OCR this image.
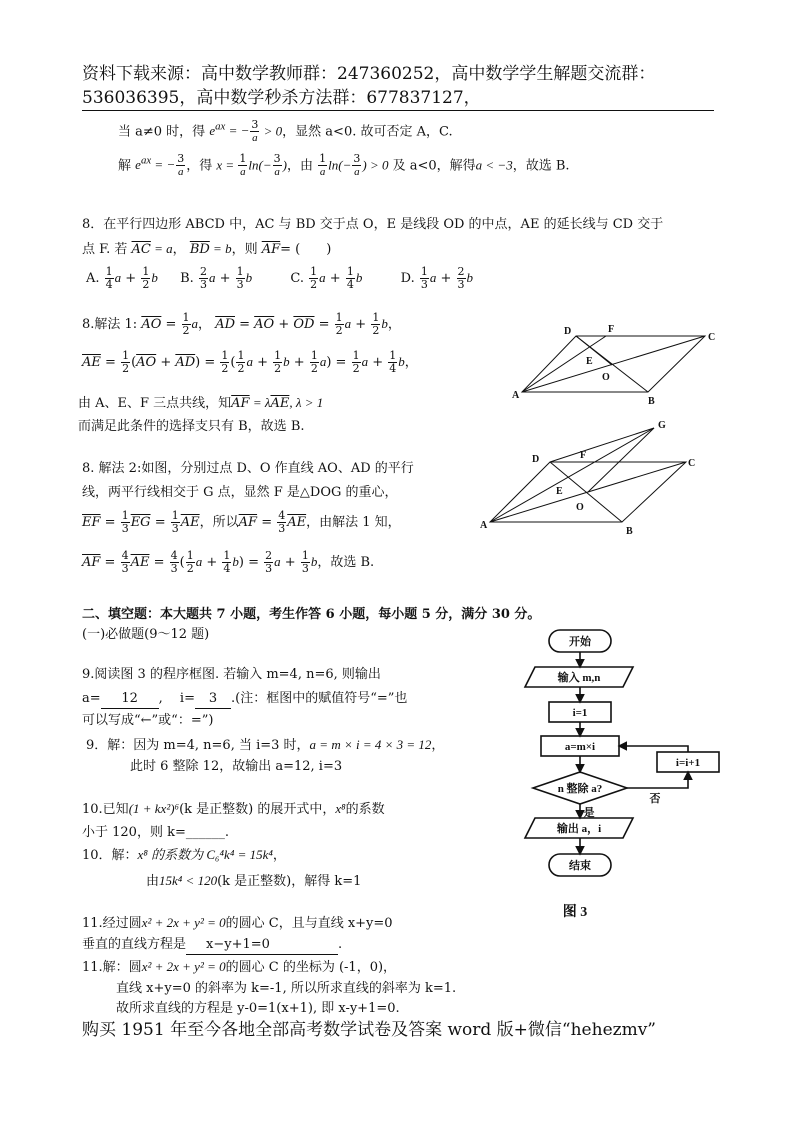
资料下载来源：高中数学教师群：247360252，高中数学学生解题交流群：
536036395，高中数学秒杀方法群：677837127，
当 a≠0 时，得 $e^{ax}$ = − $\frac{3}{a} > 0$，显然 a<0. 故可否定 A，C.
解 $e^{ax}$ = − $\frac{3}{a}$ ，得 $x = \frac{1}{a} \ln(- \frac{3}{a}$ )，由 $\frac{1}{a} \ln(- \frac{3}{a}$ ) > 0 及 a<0，解得a < −3，故选 B.
8．在平行四边形 ABCD 中，AC 与 BD 交于点 O，E 是线段 OD 的中点，AE 的延长线与 CD 交于
点 F. 若 $\overline{AC} = a$， $\overline{BD} = b$，则 $\overline{AF}=$ (　　)
A. $\frac{1}{4}$ $a + \frac{1}{2}$ b B. $\frac{2}{3}$ $a + \frac{1}{3}$ b	C. $\frac{1}{2}$ $a + \frac{1}{4}$ b	D. $\frac{1}{3}$ $a + \frac{2}{3}$ b
8.解法 1: $\overline{AO} = \frac{1}{2}$ a， $\overline{AD} = \overline{AO} + \overline{OD} = \frac{1}{2}$ $a + \frac{1}{2}$ b，
$\overline{AE} = \frac{1}{2} (\overline{AO} + \overline{AD}) = \frac{1}{2}$ ( $\frac{1}{2}$ $a + \frac{1}{2}$ $b + \frac{1}{2} a) = \frac{1}{2}$ $a + \frac{1}{4}$ b，
由 A、E、F 三点共线，知$\overline{AF} = \lambda\overline{AE}$, λ > 1
而满足此条件的选择支只有 B，故选 B.
A
B
C
D
E
F
O
8. 解法 2:如图，分别过点 D、O 作直线 AO、AD 的平行
线，两平行线相交于 G 点，显然 F 是△DOG 的重心，
$\overline{EF} = \frac{1}{3} \overline{EG} = \frac{1}{3} \overline{AE}$，所以$\overline{AF} = \frac{4}{3} \overline{AE}$，由解法 1 知，
$\overline{AF} = \frac{4}{3} \overline{AE} = \frac{4}{3}$ ( $\frac{1}{2}$ $a + \frac{1}{4} b) = \frac{2}{3}$ $a + \frac{1}{3}$ b，故选 B.
A
B
C
D
E
F
O
G
二、填空题：本大题共 7 小题，考生作答 6 小题，每小题 5 分，满分 30 分。
(一)必做题(9～12 题)
9.阅读图 3 的程序框图. 若输入 m=4, n=6, 则输出
a= 12 ,　 i= 3 .(注：框图中的赋值符号“=”也
可以写成“←”或“：=”)
9．解：因为 m=4, n=6, 当 i=3 时，a = m × i = 4 × 3 = 12，
此时 6 整除 12，故输出 a=12, i=3
10.已知(1 + kx²)⁶(k 是正整数) 的展开式中，x⁸的系数
小于 120，则 k=______.
10．解：x⁸ 的系数为 C₆⁴k⁴ = 15k⁴，
由15k⁴ < 120(k 是正整数)，解得 k=1
11.经过圆x² + 2x + y² = 0的圆心 C，且与直线 x+y=0
垂直的直线方程是 x−y+1=0	.
11.解：圆x² + 2x + y² = 0的圆心 C 的坐标为 (-1，0)，
直线 x+y=0 的斜率为 k=-1, 所以所求直线的斜率为 k=1.
故所求直线的方程是 y-0=1(x+1), 即 x-y+1=0.
开始
输入 m,n
i=1
a=m×i
n 整除 a?
输出 a，i
结束
i=i+1
是
否
图 3
购买 1951 年至今各地全部高考数学试卷及答案 word 版+微信“hehezmv”
